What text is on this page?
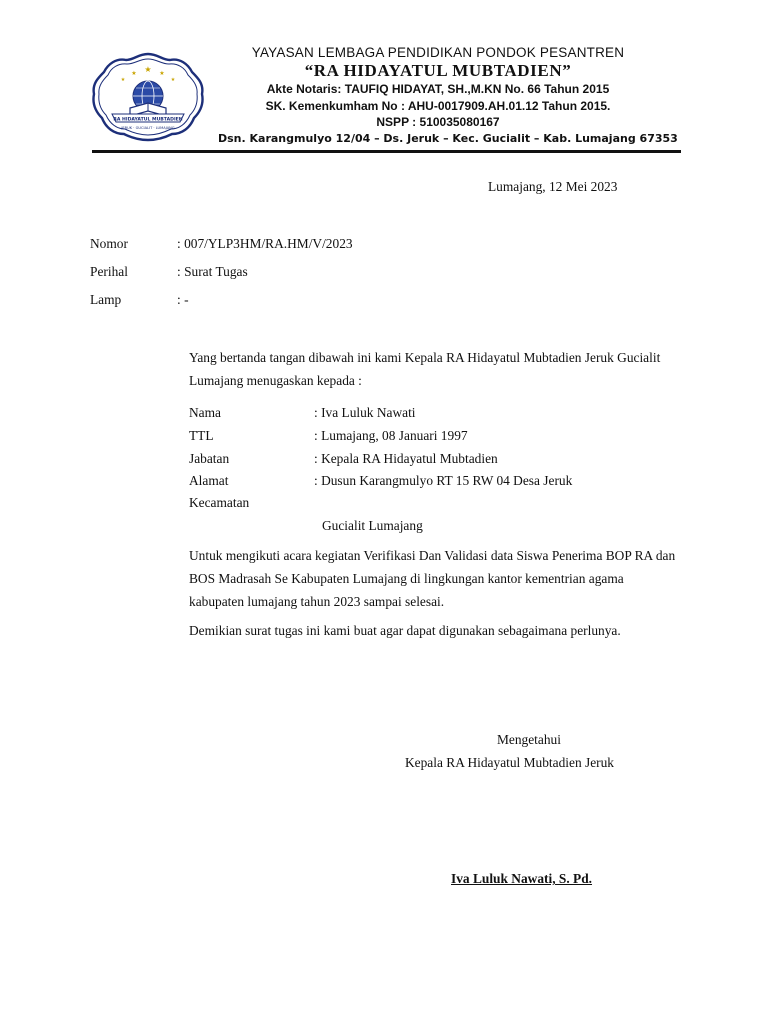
★
★	★
★	★
RA HIDAYATUL MUBTADIEN
JERUK · GUCIALIT · LUMAJANG
YAYASAN LEMBAGA PENDIDIKAN PONDOK PESANTREN
“RA HIDAYATUL MUBTADIEN”
Akte Notaris: TAUFIQ HIDAYAT, SH.,M.KN No. 66 Tahun 2015
SK. Kemenkumham No : AHU-0017909.AH.01.12 Tahun 2015.
NSPP : 510035080167
Dsn. Karangmulyo 12/04 – Ds. Jeruk – Kec. Gucialit – Kab. Lumajang 67353
Lumajang, 12 Mei 2023
Nomor	: 007/YLP3HM/RA.HM/V/2023
Perihal	: Surat Tugas
Lamp	: -
Yang bertanda tangan dibawah ini kami Kepala RA Hidayatul Mubtadien Jeruk Gucialit Lumajang menugaskan kepada :
Nama	: Iva Luluk Nawati
TTL	: Lumajang, 08 Januari 1997
Jabatan	: Kepala RA Hidayatul Mubtadien
Alamat	: Dusun Karangmulyo RT 15 RW 04 Desa Jeruk
Kecamatan
Gucialit Lumajang
Untuk mengikuti acara kegiatan Verifikasi Dan Validasi data Siswa Penerima BOP RA dan BOS Madrasah Se Kabupaten Lumajang di lingkungan kantor kementrian agama kabupaten lumajang tahun 2023 sampai selesai.
Demikian surat tugas ini kami buat agar dapat digunakan sebagaimana perlunya.
Mengetahui
Kepala RA Hidayatul Mubtadien Jeruk
Iva Luluk Nawati, S. Pd.
